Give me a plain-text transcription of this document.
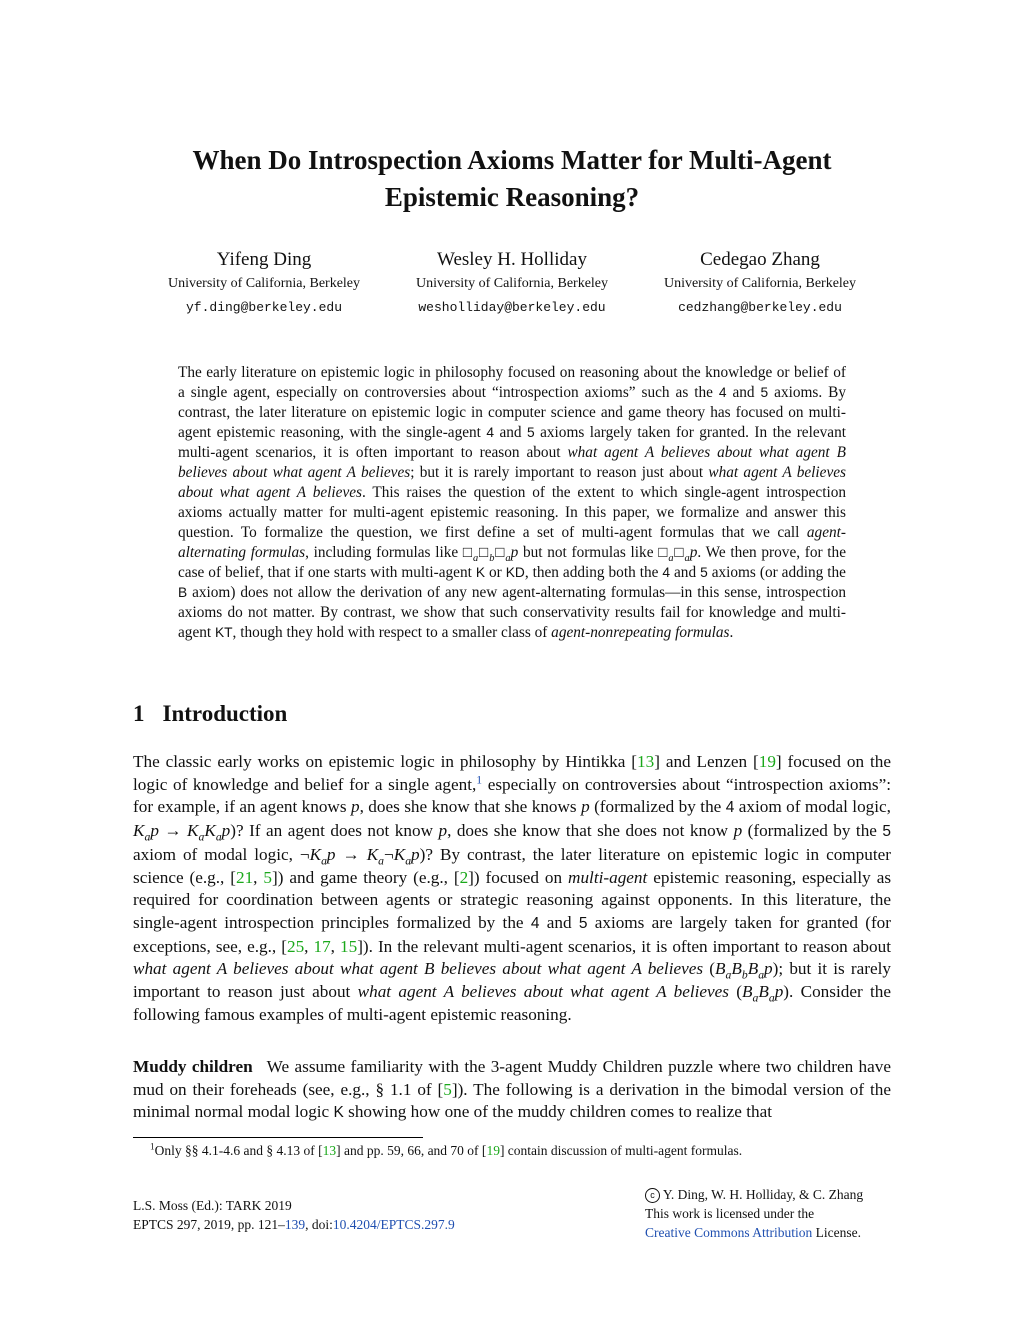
When Do Introspection Axioms Matter for Multi-Agent
Epistemic Reasoning?
Yifeng Ding
University of California, Berkeley
yf.ding@berkeley.edu
Wesley H. Holliday
University of California, Berkeley
wesholliday@berkeley.edu
Cedegao Zhang
University of California, Berkeley
cedzhang@berkeley.edu
The early literature on epistemic logic in philosophy focused on reasoning about the knowledge or belief of a single agent, especially on controversies about “introspection axioms” such as the 4 and 5 axioms. By contrast, the later literature on epistemic logic in computer science and game theory has focused on multi-agent epistemic reasoning, with the single-agent 4 and 5 axioms largely taken for granted. In the relevant multi-agent scenarios, it is often important to reason about what agent A believes about what agent B believes about what agent A believes; but it is rarely important to reason just about what agent A believes about what agent A believes. This raises the question of the extent to which single-agent introspection axioms actually matter for multi-agent epistemic reasoning. In this paper, we formalize and answer this question. To formalize the question, we first define a set of multi-agent formulas that we call agent-alternating formulas, including formulas like $□_a□_b□_ap$ but not formulas like $□_a□_ap$. We then prove, for the case of belief, that if one starts with multi-agent K or KD, then adding both the 4 and 5 axioms (or adding the B axiom) does not allow the derivation of any new agent-alternating formulas—in this sense, introspection axioms do not matter. By contrast, we show that such conservativity results fail for knowledge and multi-agent KT, though they hold with respect to a smaller class of agent-nonrepeating formulas.
1 Introduction
The classic early works on epistemic logic in philosophy by Hintikka [13] and Lenzen [19] focused on the logic of knowledge and belief for a single agent,$^1$ especially on controversies about “introspection axioms”: for example, if an agent knows p, does she know that she knows p (formalized by the 4 axiom of modal logic, $K_ap \to K_aK_ap$)? If an agent does not know p, does she know that she does not know p (formalized by the 5 axiom of modal logic, $\neg K_ap$ → $K_a\neg K_ap$)? By contrast, the later literature on epistemic logic in computer science (e.g., [21, 5]) and game theory (e.g., [2]) focused on multi-agent epistemic reasoning, especially as required for coordination between agents or strategic reasoning against opponents. In this literature, the single-agent introspection principles formalized by the 4 and 5 axioms are largely taken for granted (for exceptions, see, e.g., [25, 17, 15]). In the relevant multi-agent scenarios, it is often important to reason about what agent A believes about what agent B believes about what agent A believes $(B_aB_bB_ap)$; but it is rarely important to reason just about what agent A believes about what agent A believes $(B_aB_ap)$. Consider the following famous examples of multi-agent epistemic reasoning.
Muddy children We assume familiarity with the 3-agent Muddy Children puzzle where two children have mud on their foreheads (see, e.g., § 1.1 of [5]). The following is a derivation in the bimodal version of the minimal normal modal logic K showing how one of the muddy children comes to realize that
$^1$Only §§ 4.1-4.6 and § 4.13 of [13] and pp. 59, 66, and 70 of [19] contain discussion of multi-agent formulas.
L.S. Moss (Ed.): TARK 2019
EPTCS 297, 2019, pp. 121–139, doi:10.4204/EPTCS.297.9
c Y. Ding, W. H. Holliday, & C. Zhang
This work is licensed under the
Creative Commons Attribution License.
